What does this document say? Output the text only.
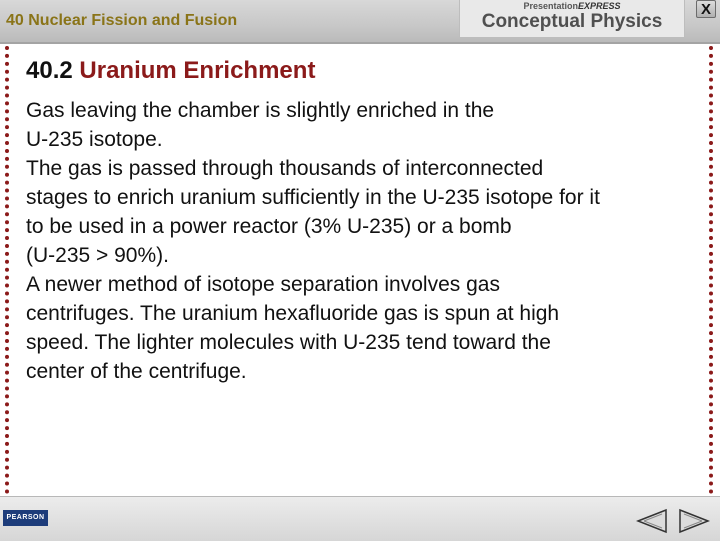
40 Nuclear Fission and Fusion
PresentationEXPRESS
Conceptual Physics
X
40.2 Uranium Enrichment

Gas leaving the chamber is slightly enriched in the
U-235 isotope.

The gas is passed through thousands of interconnected
stages to enrich uranium sufficiently in the U-235 isotope for it
to be used in a power reactor (3% U-235) or a bomb
(U-235 > 90%).

A newer method of isotope separation involves gas
centrifuges. The uranium hexafluoride gas is spun at high
speed. The lighter molecules with U-235 tend toward the
center of the centrifuge.

PEARSON
